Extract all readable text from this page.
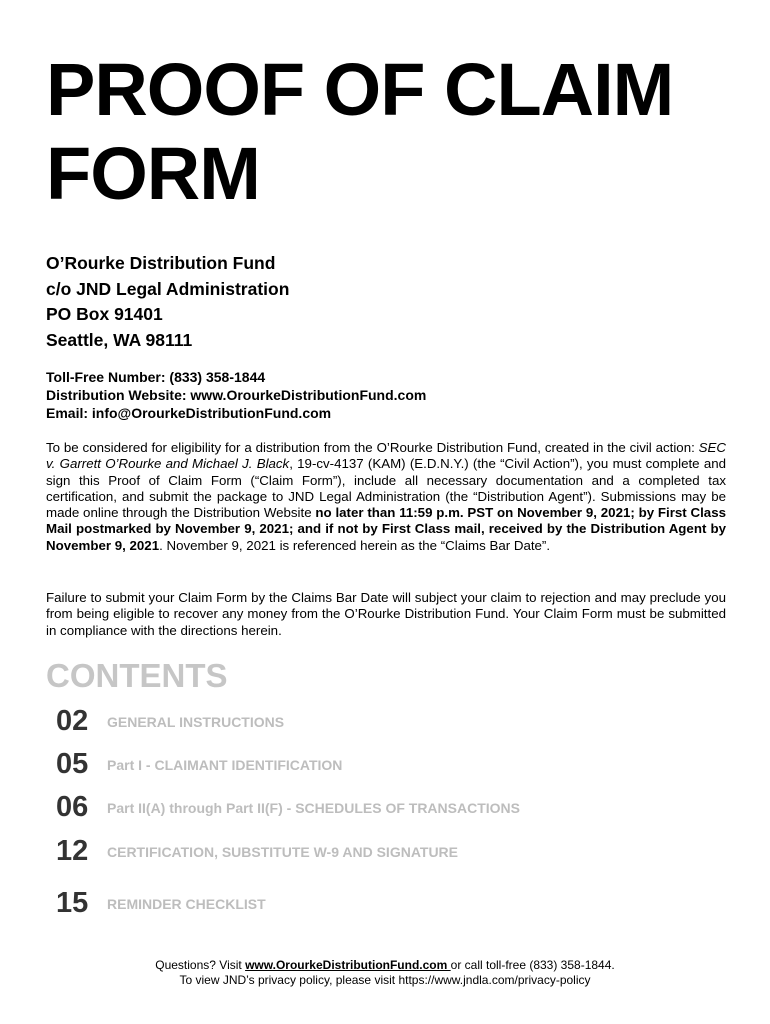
PROOF OF CLAIM
FORM
O’Rourke Distribution Fund
c/o JND Legal Administration
PO Box 91401
Seattle, WA 98111
Toll-Free Number: (833) 358-1844
Distribution Website: www.OrourkeDistributionFund.com
Email: info@OrourkeDistributionFund.com

To be considered for eligibility for a distribution from the O’Rourke Distribution Fund, created in the civil action: SEC v. Garrett O’Rourke and Michael J. Black, 19-cv-4137 (KAM) (E.D.N.Y.) (the “Civil Action”), you must complete and sign this Proof of Claim Form (“Claim Form”), include all necessary documentation and a completed tax certification, and submit the package to JND Legal Administration (the “Distribution Agent”). Submissions may be made online through the Distribution Website no later than 11:59 p.m. PST on November 9, 2021; by First Class Mail postmarked by November 9, 2021; and if not by First Class mail, received by the Distribution Agent by November 9, 2021. November 9, 2021 is referenced herein as the “Claims Bar Date”.

Failure to submit your Claim Form by the Claims Bar Date will subject your claim to rejection and may preclude you from being eligible to recover any money from the O’Rourke Distribution Fund. Your Claim Form must be submitted in compliance with the directions herein.

CONTENTS
02 GENERAL INSTRUCTIONS
05 Part I - CLAIMANT IDENTIFICATION
06 Part II(A) through Part II(F) - SCHEDULES OF TRANSACTIONS
12 CERTIFICATION, SUBSTITUTE W-9 AND SIGNATURE
15 REMINDER CHECKLIST
Questions? Visit www.OrourkeDistributionFund.com or call toll-free (833) 358-1844.
To view JND’s privacy policy, please visit https://www.jndla.com/privacy-policy
